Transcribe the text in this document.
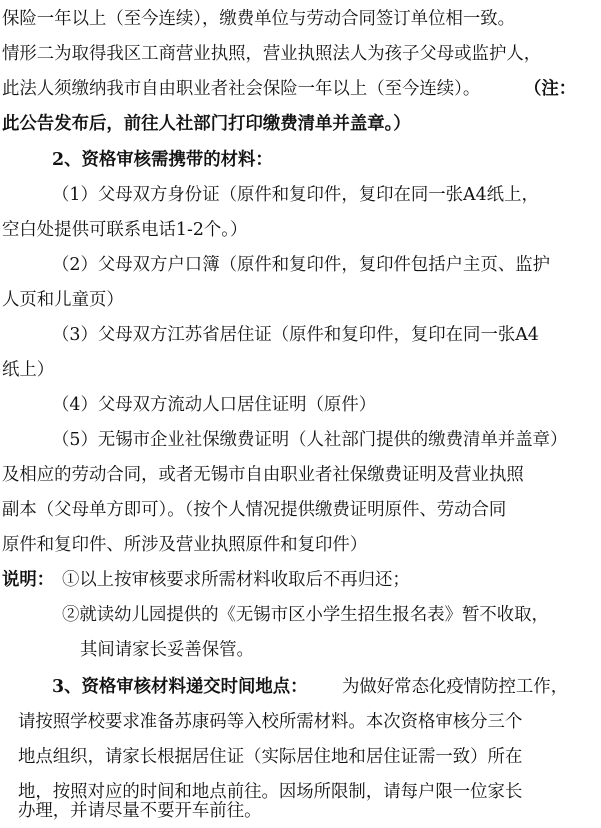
保险一年以上（至今连续），缴费单位与劳动合同签订单位相一致。
情形二为取得我区工商营业执照，营业执照法人为孩子父母或监护人，
此法人须缴纳我市自由职业者社会保险一年以上（至今连续）。	（注：
此公告发布后，前往人社部门打印缴费清单并盖章。）
2、资格审核需携带的材料：
（1）父母双方身份证（原件和复印件，复印在同一张A4纸上，
空白处提供可联系电话1-2个。）
（2）父母双方户口簿（原件和复印件，复印件包括户主页、监护
人页和儿童页）
（3）父母双方江苏省居住证（原件和复印件，复印在同一张A4
纸上）
（4）父母双方流动人口居住证明（原件）
（5）无锡市企业社保缴费证明（人社部门提供的缴费清单并盖章）
及相应的劳动合同，或者无锡市自由职业者社保缴费证明及营业执照
副本（父母单方即可）。（按个人情况提供缴费证明原件、劳动合同
原件和复印件、所涉及营业执照原件和复印件）
说明： ①以上按审核要求所需材料收取后不再归还；
②就读幼儿园提供的《无锡市区小学生招生报名表》暂不收取，
其间请家长妥善保管。
3、资格审核材料递交时间地点：	为做好常态化疫情防控工作，
请按照学校要求准备苏康码等入校所需材料。本次资格审核分三个
地点组织，请家长根据居住证（实际居住地和居住证需一致）所在
地，按照对应的时间和地点前往。因场所限制，请每户限一位家长
办理，并请尽量不要开车前往。
